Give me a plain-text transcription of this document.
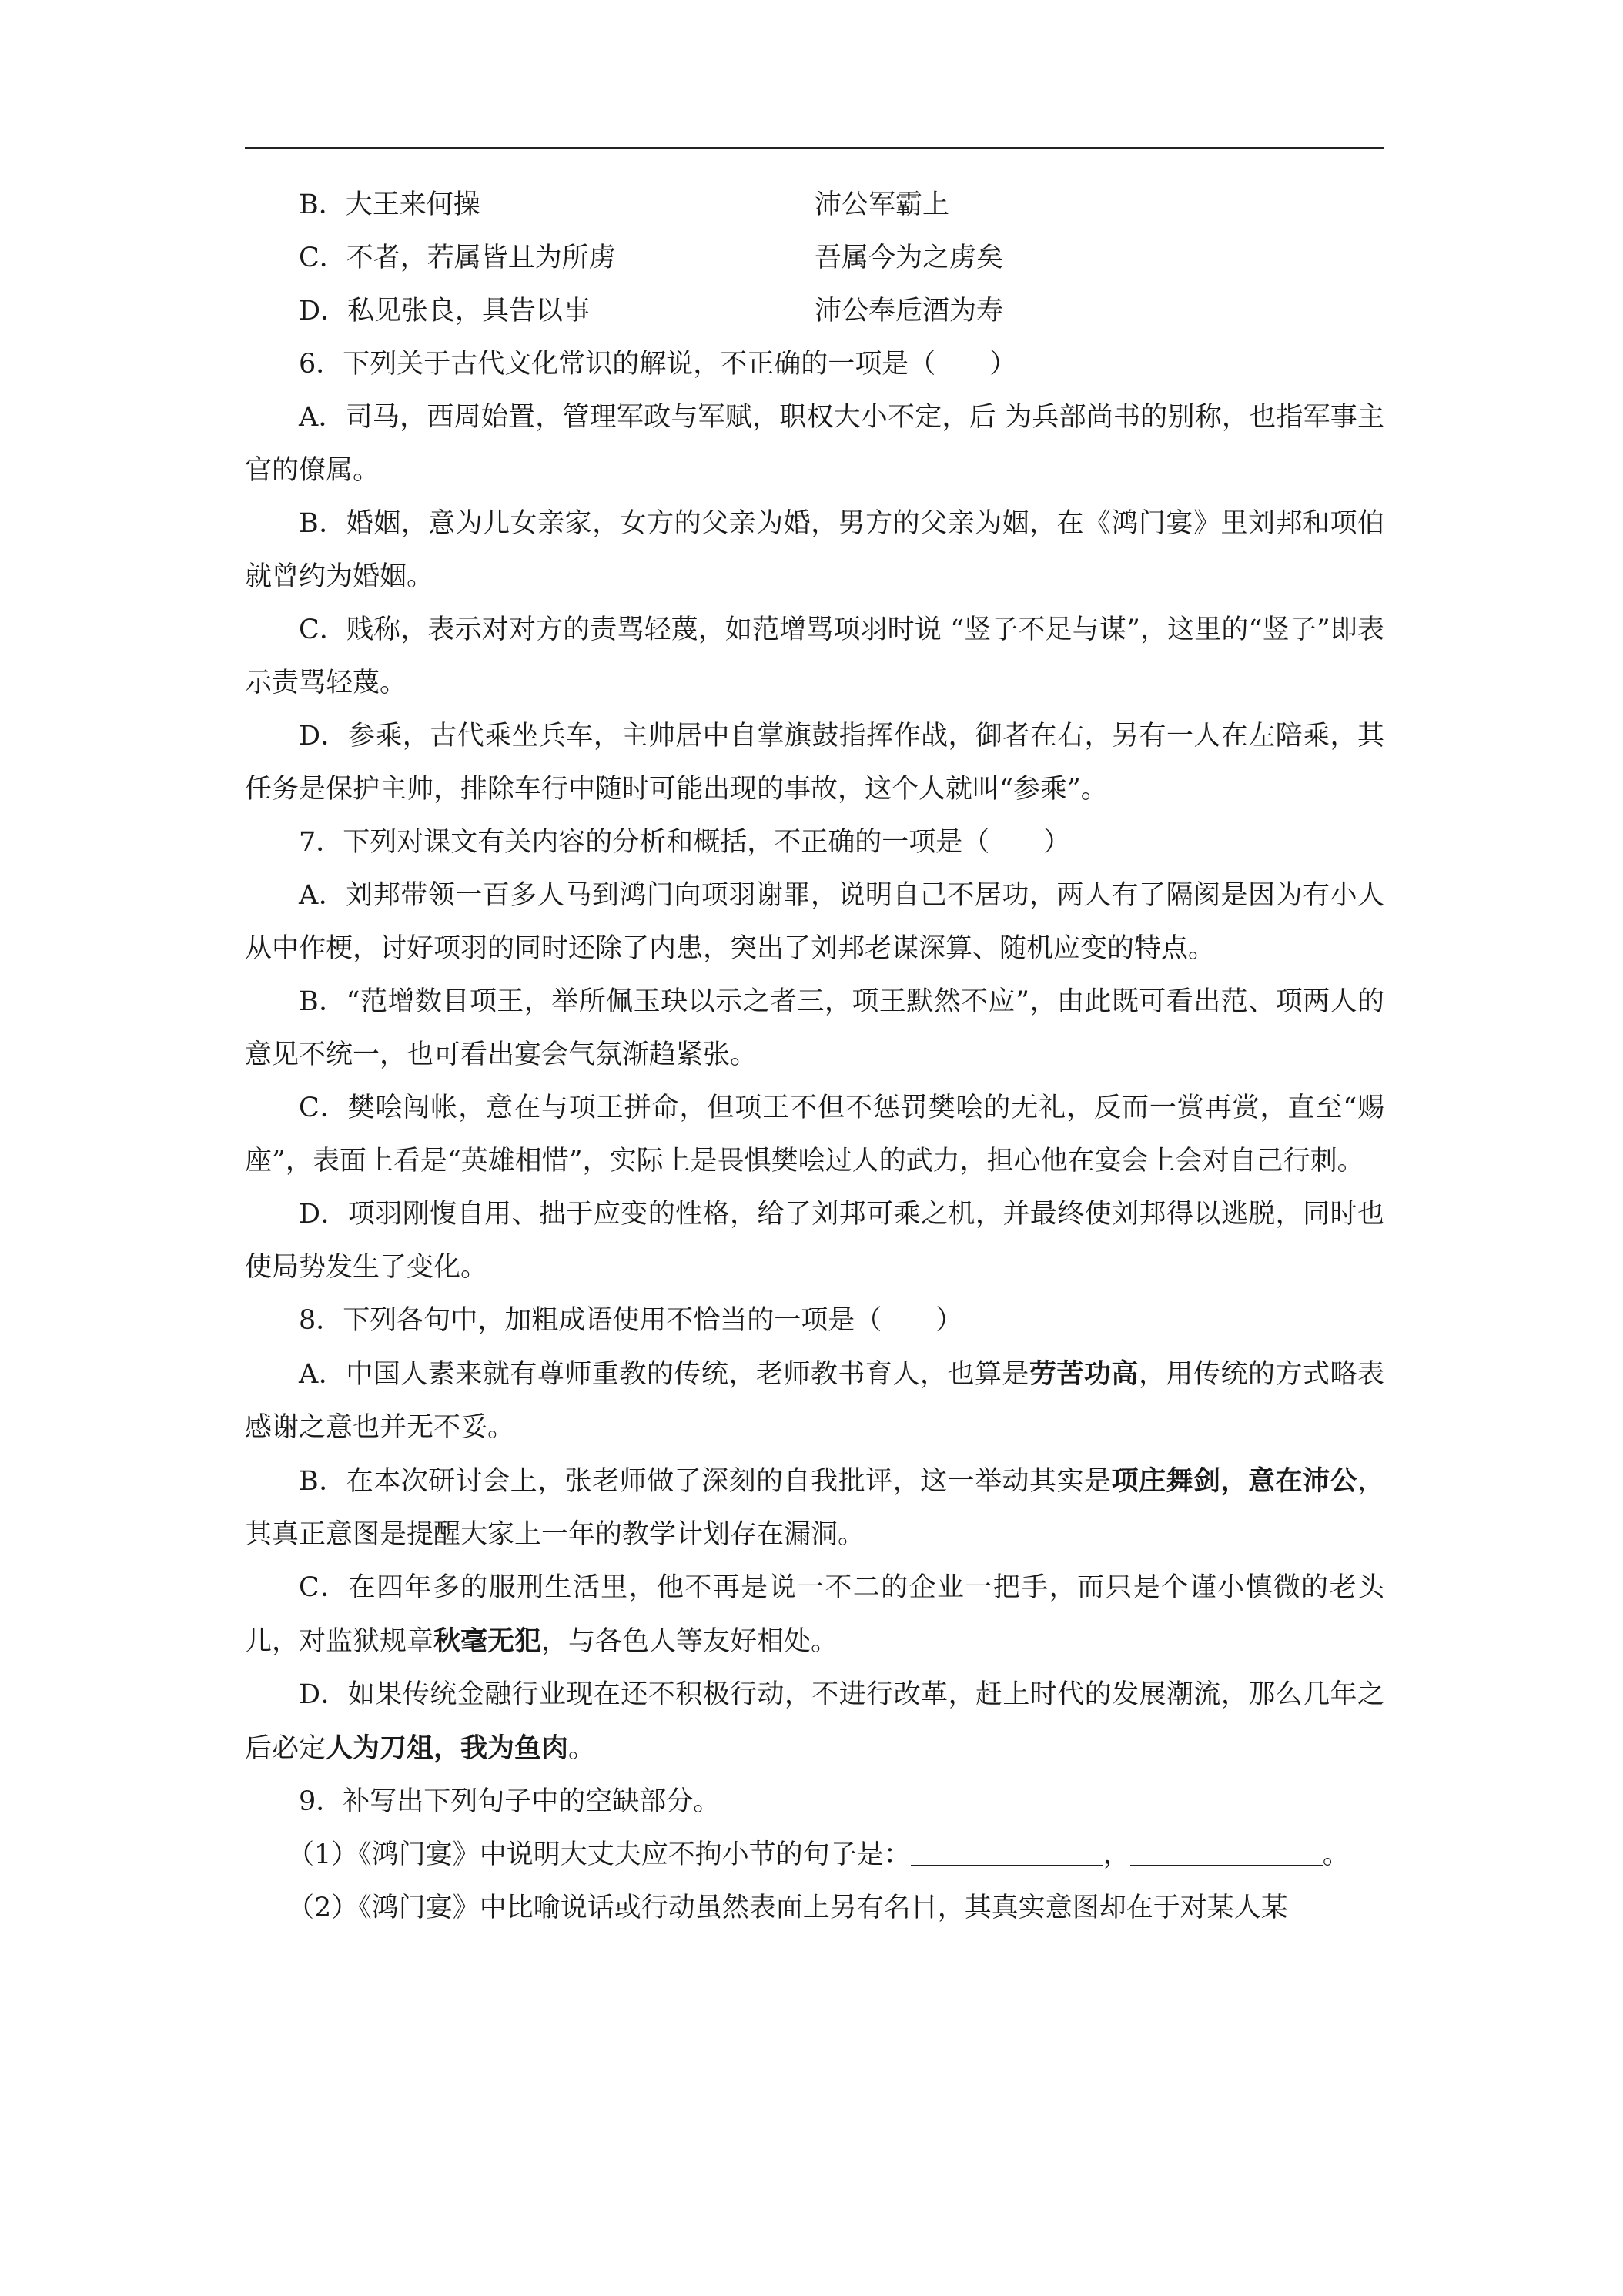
B．大王来何操	沛公军霸上
C．不者，若属皆且为所虏	吾属今为之虏矣
D．私见张良，具告以事	沛公奉卮酒为寿

6．下列关于古代文化常识的解说，不正确的一项是（　　）

A．司马，西周始置，管理军政与军赋，职权大小不定，后 为兵部尚书的别称，也指军事主官的僚属。

B．婚姻，意为儿女亲家，女方的父亲为婚，男方的父亲为姻，在《鸿门宴》里刘邦和项伯就曾约为婚姻。

C．贱称，表示对对方的责骂轻蔑，如范增骂项羽时说 “竖子不足与谋”，这里的“竖子”即表示责骂轻蔑。

D．参乘，古代乘坐兵车，主帅居中自掌旗鼓指挥作战，御者在右，另有一人在左陪乘，其任务是保护主帅，排除车行中随时可能出现的事故，这个人就叫“参乘”。

7．下列对课文有关内容的分析和概括，不正确的一项是（　　）

A．刘邦带领一百多人马到鸿门向项羽谢罪，说明自己不居功，两人有了隔阂是因为有小人从中作梗，讨好项羽的同时还除了内患，突出了刘邦老谋深算、随机应变的特点。

B．“范增数目项王，举所佩玉玦以示之者三，项王默然不应”，由此既可看出范、项两人的意见不统一，也可看出宴会气氛渐趋紧张。

C．樊哙闯帐，意在与项王拼命，但项王不但不惩罚樊哙的无礼，反而一赏再赏，直至“赐座”，表面上看是“英雄相惜”，实际上是畏惧樊哙过人的武力，担心他在宴会上会对自己行刺。

D．项羽刚愎自用、拙于应变的性格，给了刘邦可乘之机，并最终使刘邦得以逃脱，同时也使局势发生了变化。

8．下列各句中，加粗成语使用不恰当的一项是（　　）

A．中国人素来就有尊师重教的传统，老师教书育人，也算是劳苦功高，用传统的方式略表感谢之意也并无不妥。

B．在本次研讨会上，张老师做了深刻的自我批评，这一举动其实是项庄舞剑，意在沛公，其真正意图是提醒大家上一年的教学计划存在漏洞。

C．在四年多的服刑生活里，他不再是说一不二的企业一把手，而只是个谨小慎微的老头儿，对监狱规章秋毫无犯，与各色人等友好相处。

D．如果传统金融行业现在还不积极行动，不进行改革，赶上时代的发展潮流，那么几年之后必定人为刀俎，我为鱼肉。

9．补写出下列句子中的空缺部分。

（1）《鸿门宴》中说明大丈夫应不拘小节的句子是：	，	。

（2）《鸿门宴》中比喻说话或行动虽然表面上另有名目，其真实意图却在于对某人某
